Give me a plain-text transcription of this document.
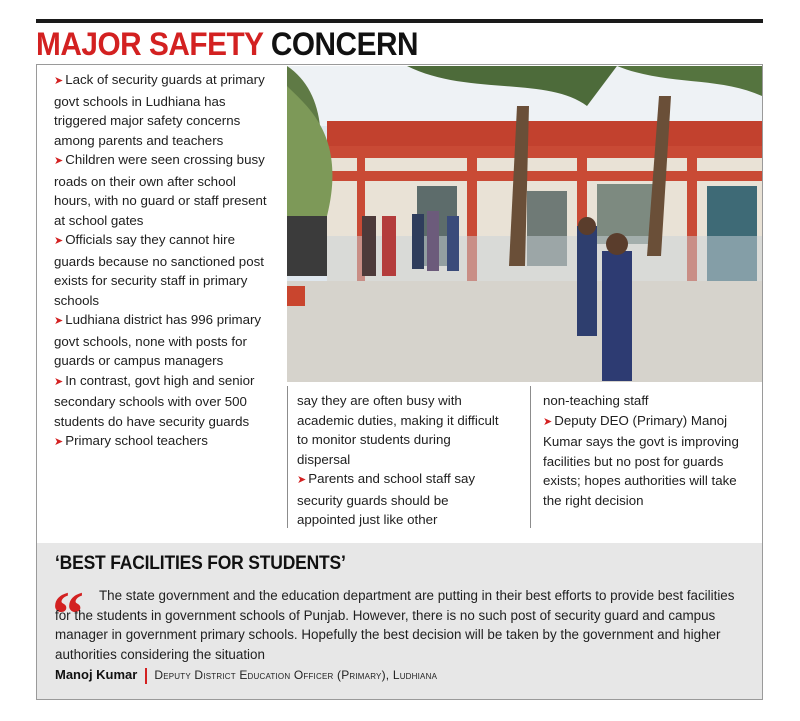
MAJOR SAFETY CONCERN

➤ Lack of security guards at primary govt schools in Ludhiana has triggered major safety concerns among parents and teachers

➤ Children were seen crossing busy roads on their own after school hours, with no guard or staff present at school gates

➤ Officials say they cannot hire guards because no sanctioned post exists for security staff in primary schools

➤ Ludhiana district has 996 primary govt schools, none with posts for guards or campus managers

➤ In contrast, govt high and senior secondary schools with over 500 students do have security guards

➤ Primary school teachers

say they are often busy with academic duties, making it difficult to monitor students during dispersal

➤ Parents and school staff say security guards should be appointed just like other

non-teaching staff

➤ Deputy DEO (Primary) Manoj Kumar says the govt is improving facilities but no post for guards exists; hopes authorities will take the right decision

‘BEST FACILITIES FOR STUDENTS’
“	The state government and the education department are putting in their best efforts to provide best facilities for the students in government schools of Punjab. However, there is no such post of security guard and campus manager in government primary schools. Hopefully the best decision will be taken by the government and higher authorities considering the situation
Manoj Kumar Deputy District Education Officer (Primary), Ludhiana
